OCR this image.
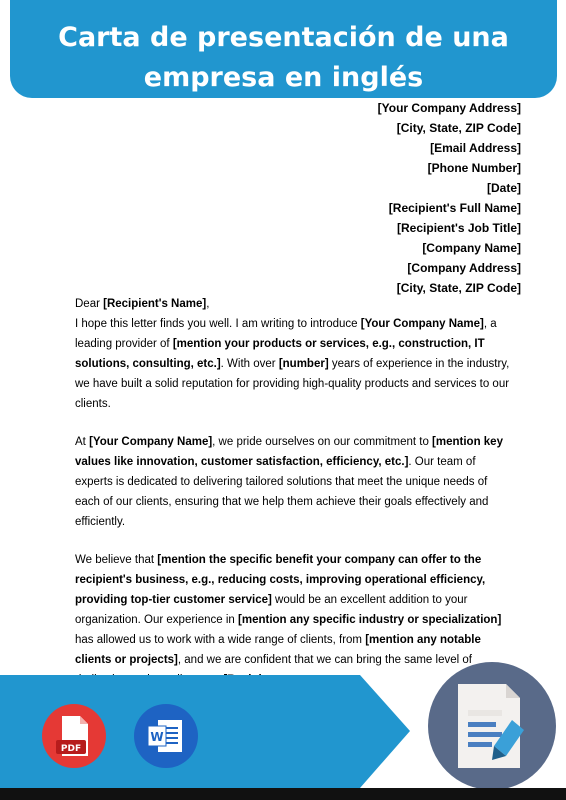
Carta de presentación de una
empresa en inglés
[Your Company Address]
[City, State, ZIP Code]
[Email Address]
[Phone Number]
[Date]
[Recipient's Full Name]
[Recipient's Job Title]
[Company Name]
[Company Address]
[City, State, ZIP Code]
Dear [Recipient's Name],

I hope this letter finds you well. I am writing to introduce [Your Company Name], a leading provider of [mention your products or services, e.g., construction, IT solutions, consulting, etc.]. With over [number] years of experience in the industry, we have built a solid reputation for providing high-quality products and services to our clients.

At [Your Company Name], we pride ourselves on our commitment to [mention key values like innovation, customer satisfaction, efficiency, etc.]. Our team of experts is dedicated to delivering tailored solutions that meet the unique needs of each of our clients, ensuring that we help them achieve their goals effectively and efficiently.

We believe that [mention the specific benefit your company can offer to the recipient's business, e.g., reducing costs, improving operational efficiency, providing top-tier customer service] would be an excellent addition to your organization. Our experience in [mention any specific industry or specialization] has allowed us to work with a wide range of clients, from [mention any notable clients or projects], and we are confident that we can bring the same level of

PDF
W
